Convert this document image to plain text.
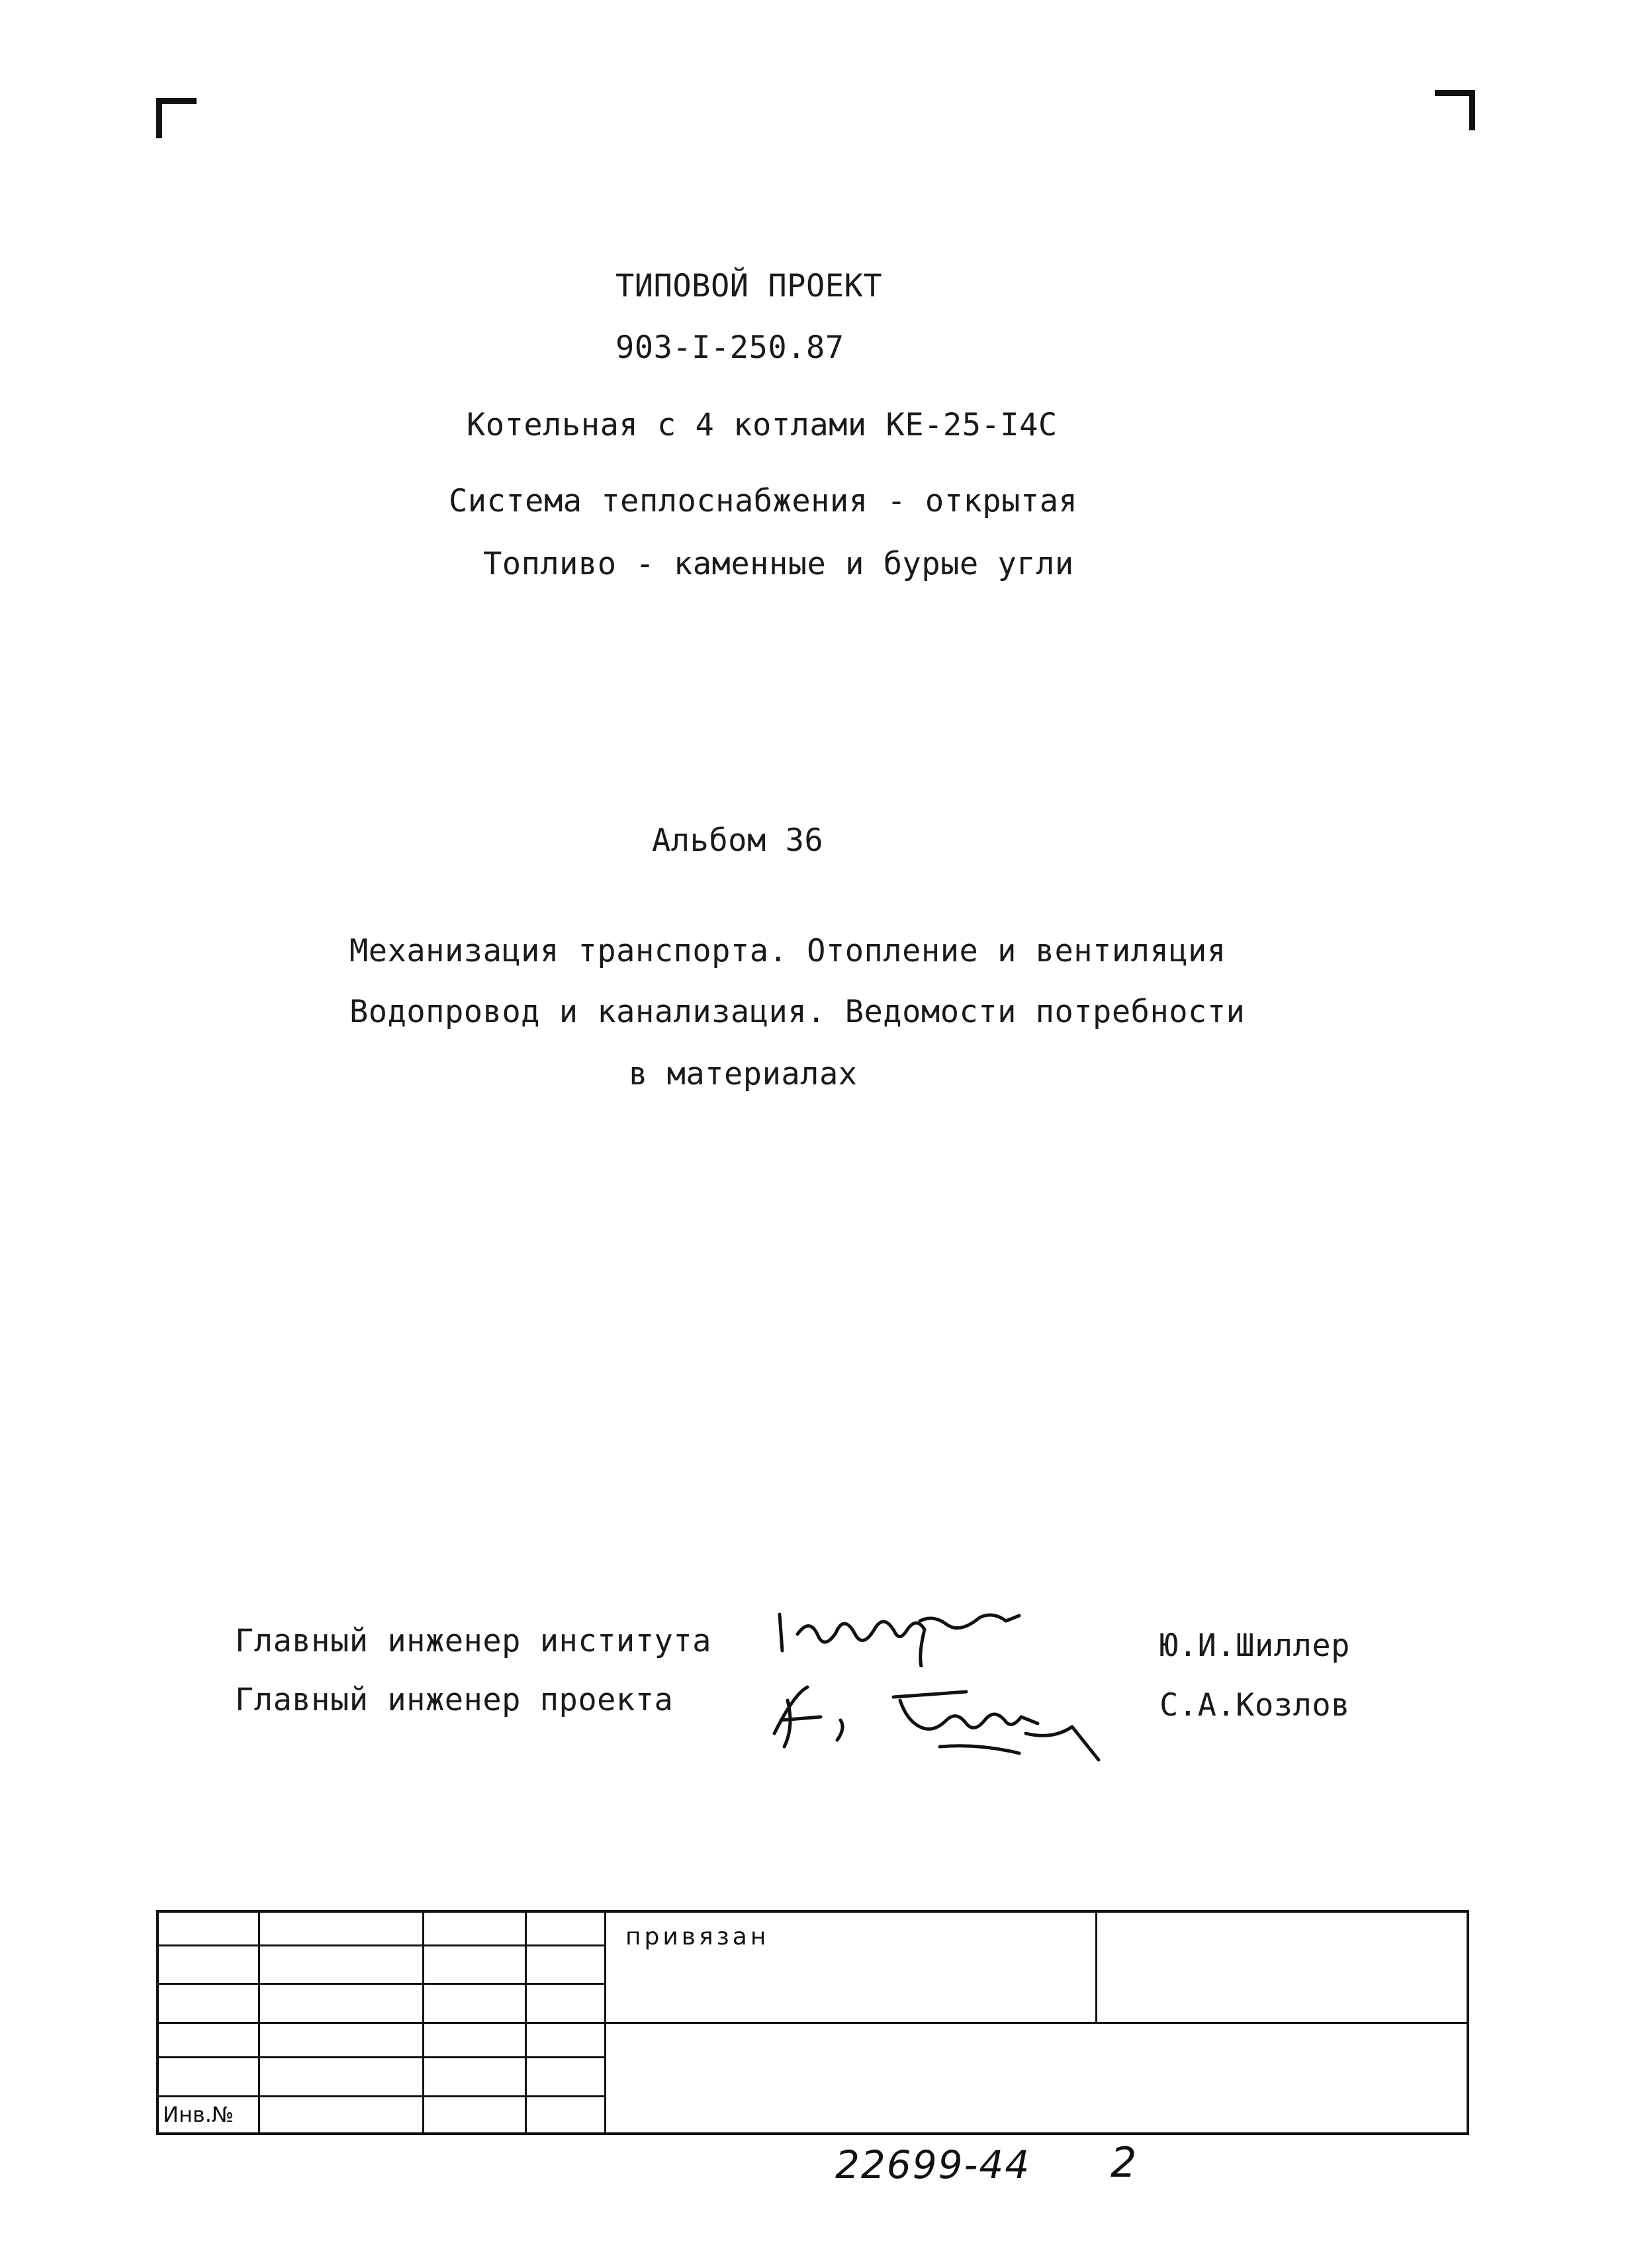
ТИПОВОЙ ПРОЕКТ
903-I-250.87
Котельная с 4 котлами КЕ-25-I4С
Система теплоснабжения - открытая
Топливо - каменные и бурые угли
Альбом 36
Механизация транспорта. Отопление и вентиляция
Водопровод и канализация. Ведомости потребности
в материалах
Главный инженер института	Ю.И.Шиллер
Главный инженер проекта	С.А.Козлов
привязан
Инв.№
22699-44 2
